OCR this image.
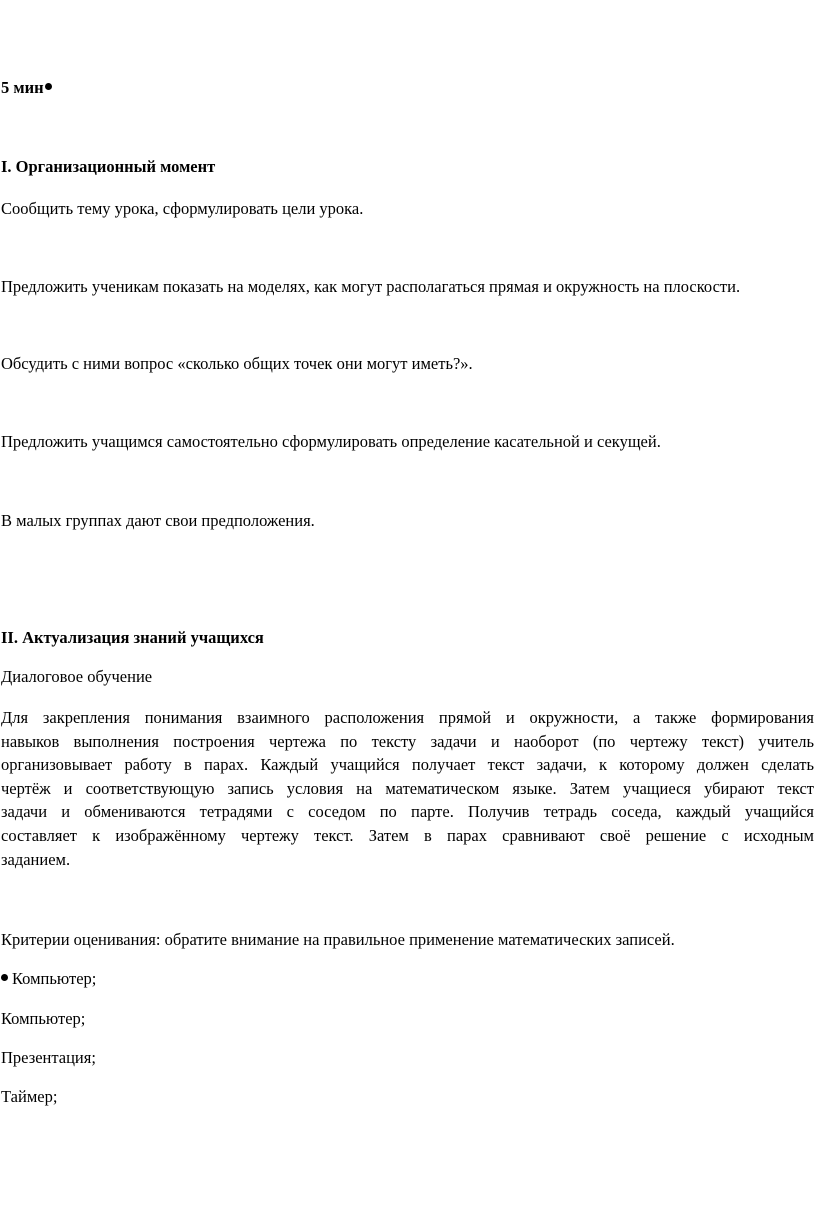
5 мин
I. Организационный момент
Сообщить тему урока, сформулировать цели урока.
Предложить ученикам показать на моделях, как могут располагаться прямая и окружность на плоскости.
Обсудить с ними вопрос «сколько общих точек они могут иметь?».
Предложить учащимся самостоятельно сформулировать определение касательной и секущей.
В малых группах дают свои предположения.
II. Актуализация знаний учащихся
Диалоговое обучение
Для закрепления понимания взаимного расположения прямой и окружности, а также формирования
навыков выполнения построения чертежа по тексту задачи и наоборот (по чертежу текст) учитель
организовывает работу в парах. Каждый учащийся получает текст задачи, к которому должен сделать
чертёж и соответствующую запись условия на математическом языке. Затем учащиеся убирают текст
задачи и обмениваются тетрадями с соседом по парте. Получив тетрадь соседа, каждый учащийся
составляет к изображённому чертежу текст. Затем в парах сравнивают своё решение с исходным
заданием.
Критерии оценивания: обратите внимание на правильное применение математических записей.
Компьютер;
Компьютер;
Презентация;
Таймер;
